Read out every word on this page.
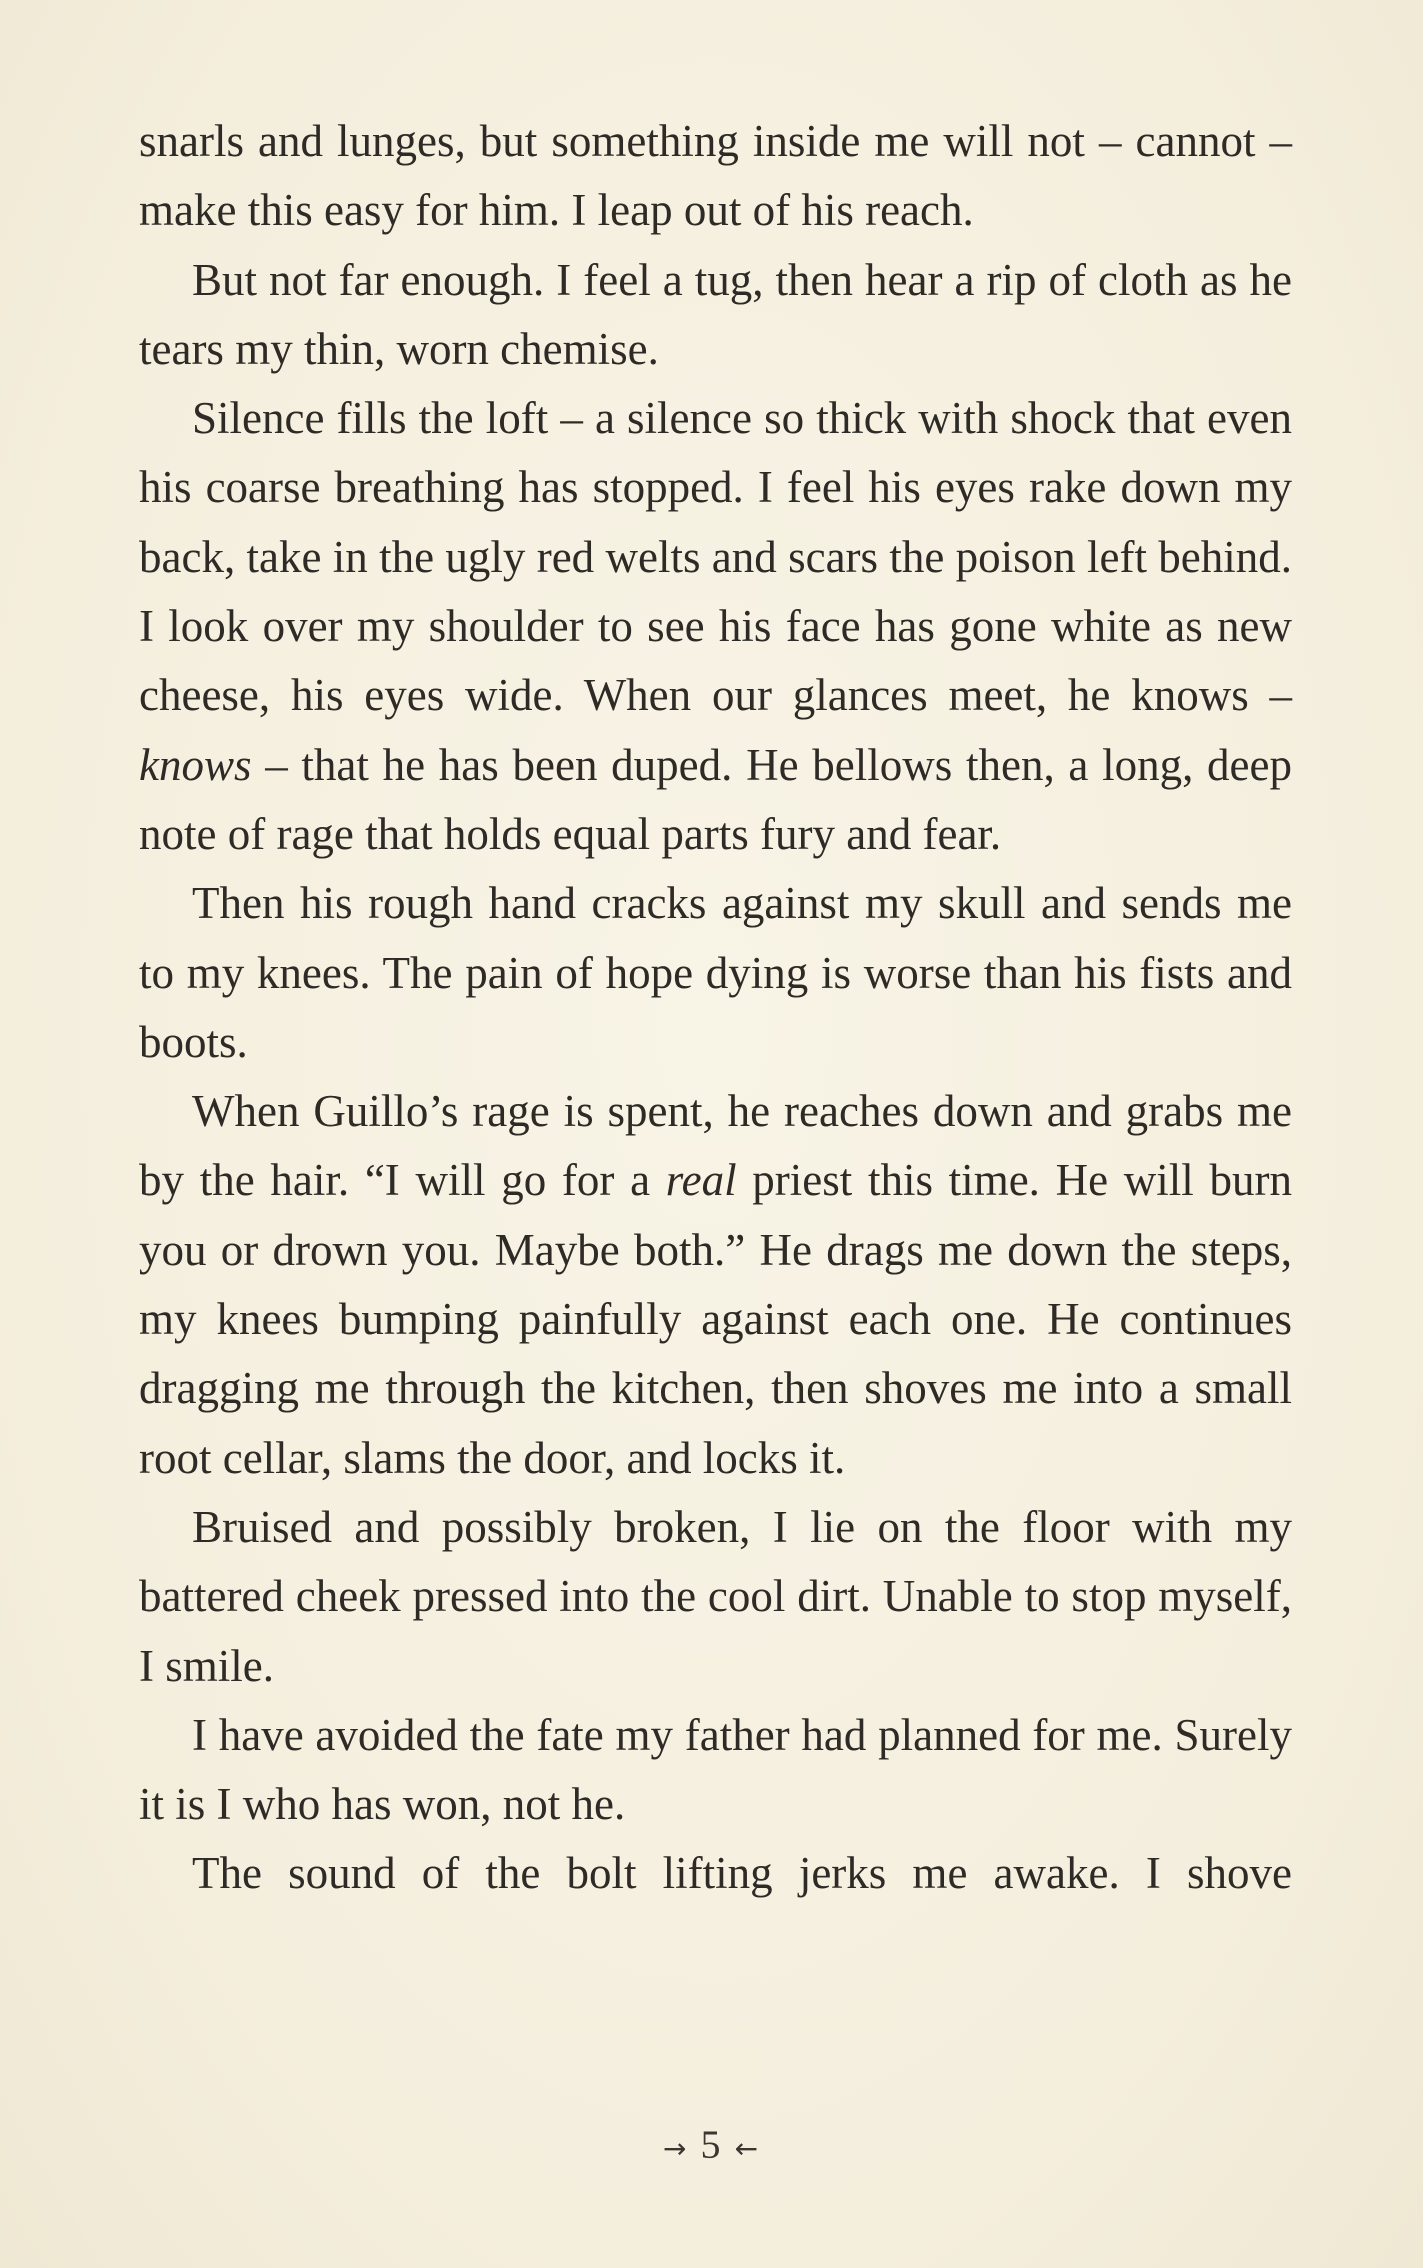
snarls and lunges, but something inside me will not – cannot – make this easy for him. I leap out of his reach.

But not far enough. I feel a tug, then hear a rip of cloth as he tears my thin, worn chemise.

Silence fills the loft – a silence so thick with shock that even his coarse breathing has stopped. I feel his eyes rake down my back, take in the ugly red welts and scars the poison left behind. I look over my shoulder to see his face has gone white as new cheese, his eyes wide. When our glances meet, he knows – knows – that he has been duped. He bellows then, a long, deep note of rage that holds equal parts fury and fear.

Then his rough hand cracks against my skull and sends me to my knees. The pain of hope dying is worse than his fists and boots.

When Guillo’s rage is spent, he reaches down and grabs me by the hair. “I will go for a real priest this time. He will burn you or drown you. Maybe both.” He drags me down the steps, my knees bumping painfully against each one. He continues dragging me through the kitchen, then shoves me into a small root cellar, slams the door, and locks it.

Bruised and possibly broken, I lie on the floor with my battered cheek pressed into the cool dirt. Unable to stop myself, I smile.

I have avoided the fate my father had planned for me. Surely it is I who has won, not he.

The sound of the bolt lifting jerks me awake. I shove

→ 5 ←
